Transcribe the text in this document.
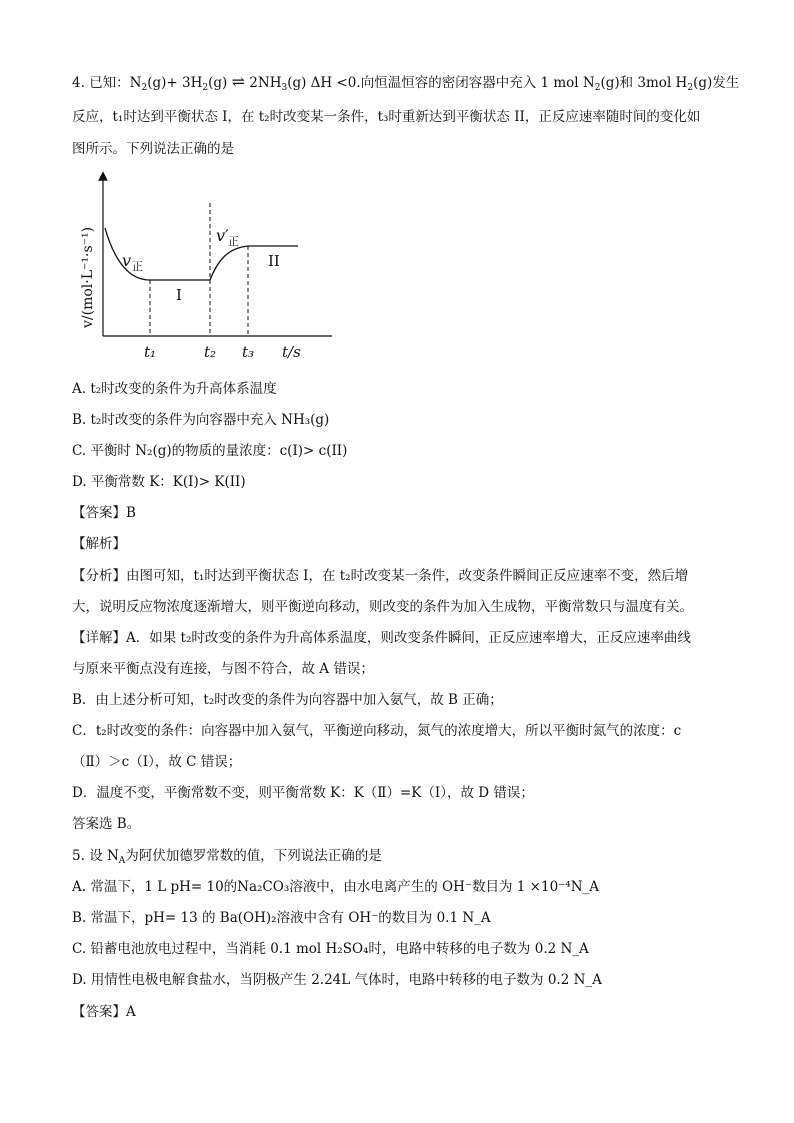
4. 已知：$N_2(g)+ 3H_2(g)$ ⇌ $2NH_3(g)$ ΔH <0.向恒温恒容的密闭容器中充入 1 mol $N_2(g)$和 3mol $H_2(g)$发生
反应，t₁时达到平衡状态 I，在 t₂时改变某一条件，t₃时重新达到平衡状态 II，正反应速率随时间的变化如
图所示。下列说法正确的是
v 正
v′ 正
I
II
t₁	t₂ t₃ t/s
v/(mol·L⁻¹·s⁻¹)
A. t₂时改变的条件为升高体系温度
B. t₂时改变的条件为向容器中充入 NH₃(g)
C. 平衡时 N₂(g)的物质的量浓度：c(I)> c(II)
D. 平衡常数 K：K(I)> K(II)
【答案】B
【解析】
【分析】由图可知，t₁时达到平衡状态 I，在 t₂时改变某一条件，改变条件瞬间正反应速率不变，然后增
大，说明反应物浓度逐渐增大，则平衡逆向移动，则改变的条件为加入生成物，平衡常数只与温度有关。
【详解】A．如果 t₂时改变的条件为升高体系温度，则改变条件瞬间，正反应速率增大，正反应速率曲线
与原来平衡点没有连接，与图不符合，故 A 错误；
B．由上述分析可知，t₂时改变的条件为向容器中加入氨气，故 B 正确；
C．t₂时改变的条件：向容器中加入氨气，平衡逆向移动，氮气的浓度增大，所以平衡时氮气的浓度：c
（Ⅱ）＞c（Ⅰ），故 C 错误；
D．温度不变，平衡常数不变，则平衡常数 K：K（Ⅱ）=K（Ⅰ），故 D 错误；
答案选 B。
5. 设 $N_A$为阿伏加德罗常数的值，下列说法正确的是
A. 常温下，1 L pH= 10的Na₂CO₃溶液中，由水电离产生的 OH⁻数目为 1 ×10⁻⁴N_A
B. 常温下，pH= 13 的 Ba(OH)₂溶液中含有 OH⁻的数目为 0.1 N_A
C. 铅蓄电池放电过程中，当消耗 0.1 mol H₂SO₄时，电路中转移的电子数为 0.2 N_A
D. 用情性电极电解食盐水，当阴极产生 2.24L 气体时，电路中转移的电子数为 0.2 N_A
【答案】A
